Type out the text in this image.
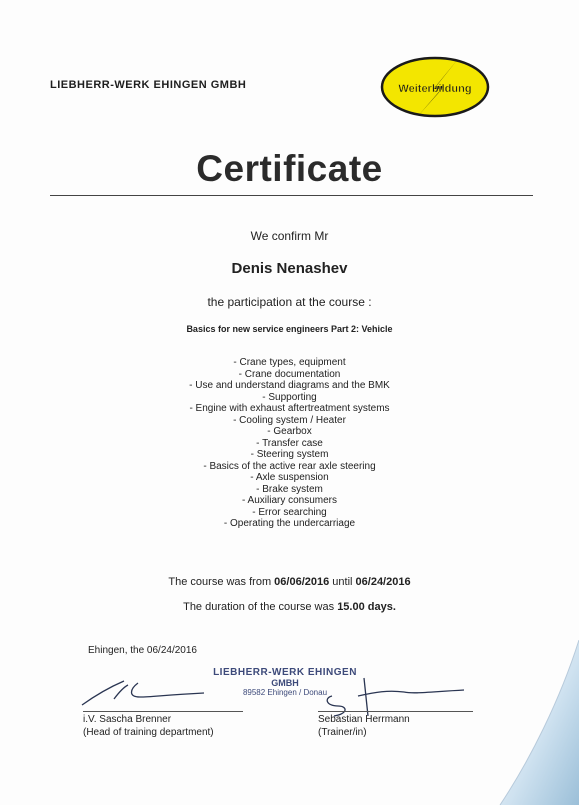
LIEBHERR-WERK EHINGEN GMBH	Weiterbildung
Certificate
We confirm Mr
Denis Nenashev
the participation at the course :
Basics for new service engineers Part 2: Vehicle
- Crane types, equipment
- Crane documentation
- Use and understand diagrams and the BMK
- Supporting
- Engine with exhaust aftertreatment systems
- Cooling system / Heater
- Gearbox
- Transfer case
- Steering system
- Basics of the active rear axle steering
- Axle suspension
- Brake system
- Auxiliary consumers
- Error searching
- Operating the undercarriage
The course was from 06/06/2016 until 06/24/2016
The duration of the course was 15.00 days.
Ehingen, the 06/24/2016
LIEBHERR-WERK EHINGEN
GMBH
89582 Ehingen / Donau
i.V. Sascha Brenner
(Head of training department)
Sebastian Herrmann
(Trainer/in)
